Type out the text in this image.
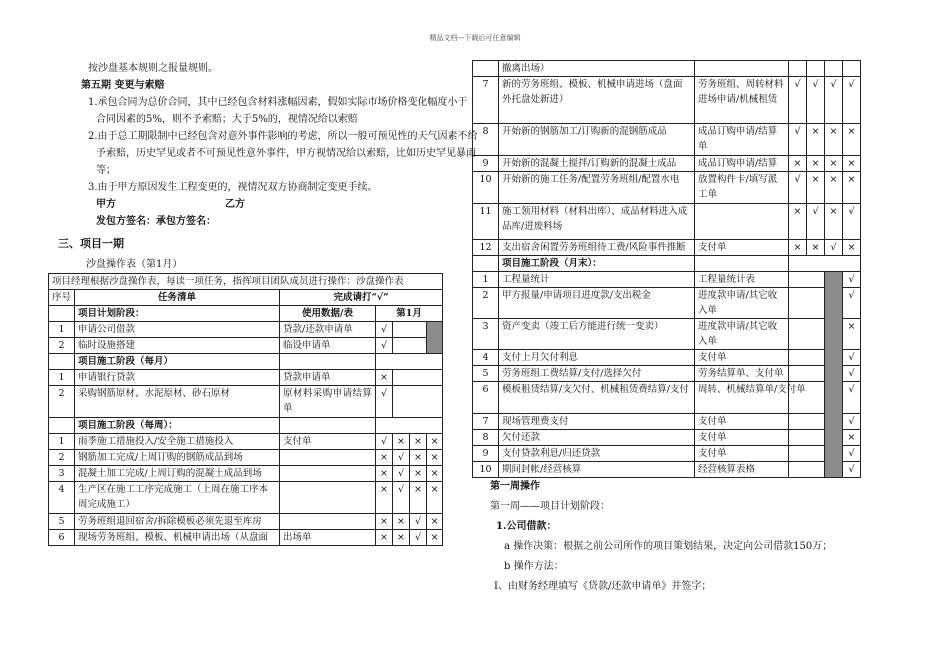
精品文档---下载后可任意编辑
按沙盘基本规则之报量规则。
第五期 变更与索赔
1.承包合同为总价合同，其中已经包含材料涨幅因素，假如实际市场价格变化幅度小于
合同因素的5%，则不予索赔；大于5%的，视情况给以索赔
2.由于总工期限制中已经包含对意外事件影响的考虑，所以一般可预见性的天气因素不给
予索赔，历史罕见或者不可预见性意外事件，甲方视情况给以索赔，比如历史罕见暴雨
等；
3.由于甲方原因发生工程变更的，视情况双方协商制定变更手续。
甲方	乙方
发包方签名：承包方签名：
三、项目一期
沙盘操作表（第1月）
项目经理根据沙盘操作表，每读一项任务，指挥项目团队成员进行操作：沙盘操作表						
序号	任务清单	完成请打“√”				
	项目计划阶段：	使用数据/表	第1月			
1	申请公司借款	贷款/还款申请单	√			
2	临时设施搭建	临设申请单	√			
	项目施工阶段（每月）					
1	申请银行贷款	贷款申请单	×			
2	采购钢筋原材、水泥原材、砂石原材	原材料采购申请结算单	√			
	项目施工阶段（每周）：					
1	雨季施工措施投入/安全施工措施投入	支付单	√	×	×	×
2	钢筋加工完成/上周订购的钢筋成品到场		×	√	×	×
3	混凝土加工完成/上周订购的混凝土成品到场		×	√	×	×
4	生产区在施工工序完成施工（上周在施工序本周完成施工）		×	√	×	×
5	劳务班组退回宿舍/拆除模板必须先退至库房		×	×	√	×
6	现场劳务班组、模板、机械申请出场（从盘面	出场单	×	×	√	×
	撤离出场）					
7	新的劳务班组、模板、机械申请进场（盘面外托盘处新进）	劳务班组、周转材料进场申请/机械租赁	√	√	√	√
8	开始新的钢筋加工/订购新的混钢筋成品	成品订购申请/结算单	√	×	×	×
9	开始新的混凝土搅拌/订购新的混凝土成品	成品订购申请/结算	×	×	×	×
10	开始新的施工任务/配置劳务班组/配置水电	放置构件卡/填写派工单	√	×	×	×
11	施工领用材料（材料出库）、成品材料进入成品库/进废料场		×	√	×	√
12	支出宿舍闲置劳务班组待工费/风险事件推断	支付单	×	×	√	×
	项目施工阶段（月末）：					
1	工程量统计	工程量统计表				√
2	甲方报量/申请项目进度款/支出税金	进度款申请/其它收入单				√
3	资产变卖（竣工后方能进行统一变卖）	进度款申请/其它收入单				×
4	支付上月欠付利息	支付单				√
5	劳务班组工费结算/支付/选择欠付	劳务结算单、支付单				√
6	模板租赁结算/支欠付、机械租赁费结算/支付	周转、机械结算单/支付单				√
7	现场管理费支付	支付单				√
8	欠付还款	支付单				×
9	支付贷款利息/归还贷款	支付单				√
10	期间封帐/经营核算	经营核算表格				√
第一周操作
第一周——项目计划阶段：
1.公司借款：
a 操作决策：根据之前公司所作的项目策划结果，决定向公司借款150万；
b 操作方法：
Ⅰ、由财务经理填写《贷款/还款申请单》并签字；
